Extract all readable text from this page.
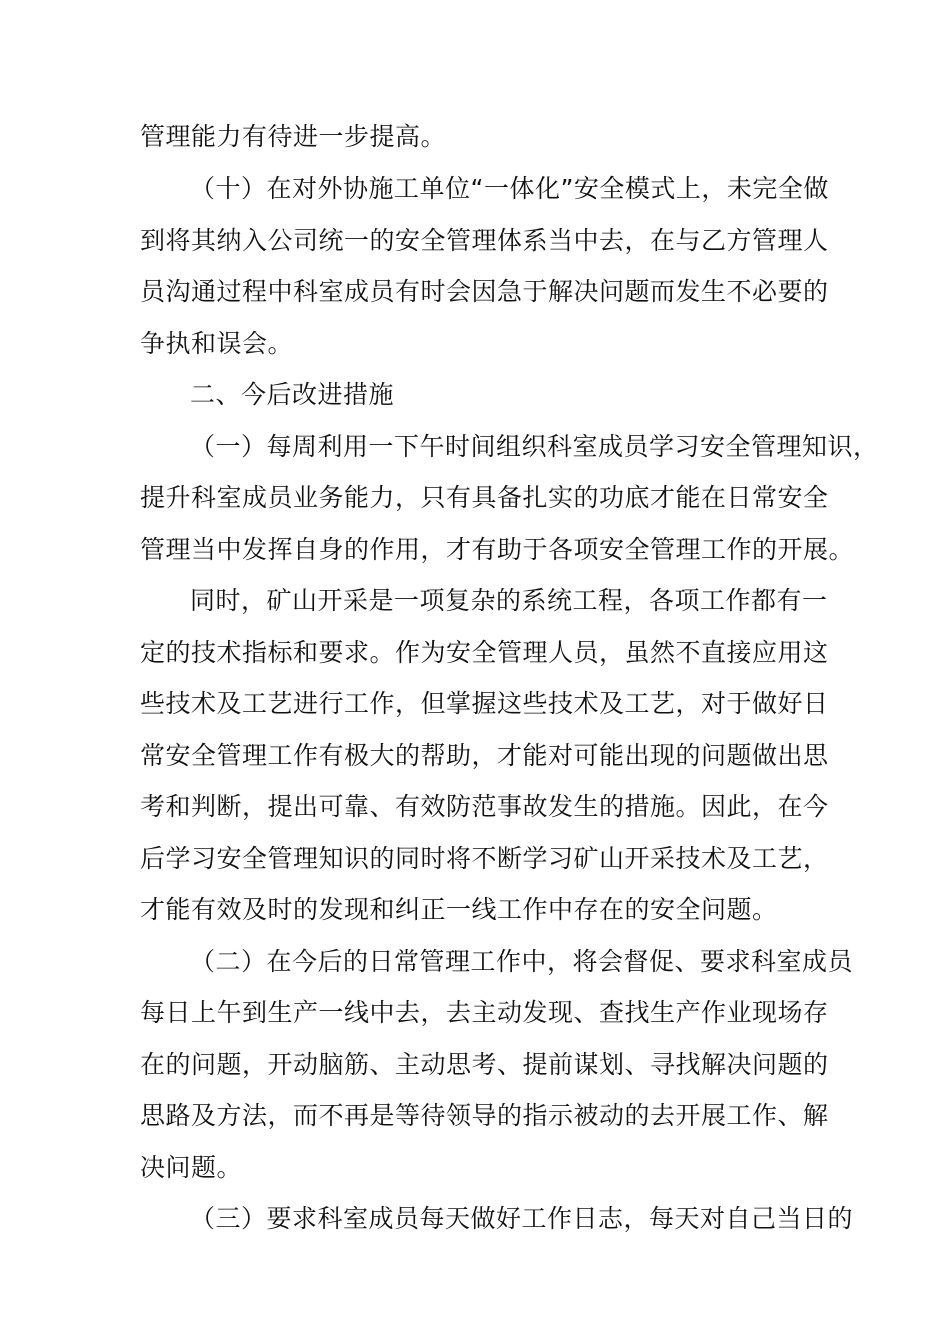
管理能力有待进一步提高。
（十）在对外协施工单位“一体化”安全模式上，未完全做
到将其纳入公司统一的安全管理体系当中去，在与乙方管理人
员沟通过程中科室成员有时会因急于解决问题而发生不必要的
争执和误会。
二、今后改进措施
（一）每周利用一下午时间组织科室成员学习安全管理知识，
提升科室成员业务能力，只有具备扎实的功底才能在日常安全
管理当中发挥自身的作用，才有助于各项安全管理工作的开展。
同时，矿山开采是一项复杂的系统工程，各项工作都有一
定的技术指标和要求。作为安全管理人员，虽然不直接应用这
些技术及工艺进行工作，但掌握这些技术及工艺，对于做好日
常安全管理工作有极大的帮助，才能对可能出现的问题做出思
考和判断，提出可靠、有效防范事故发生的措施。因此，在今
后学习安全管理知识的同时将不断学习矿山开采技术及工艺，
才能有效及时的发现和纠正一线工作中存在的安全问题。
（二）在今后的日常管理工作中，将会督促、要求科室成员
每日上午到生产一线中去，去主动发现、查找生产作业现场存
在的问题，开动脑筋、主动思考、提前谋划、寻找解决问题的
思路及方法，而不再是等待领导的指示被动的去开展工作、解
决问题。
（三）要求科室成员每天做好工作日志，每天对自己当日的
